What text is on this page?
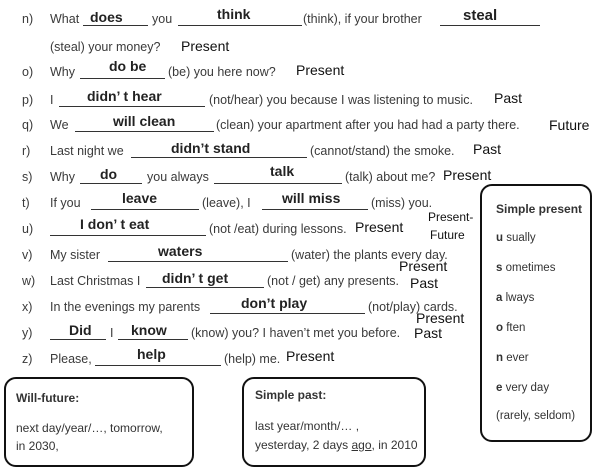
n) What does you	think	(think), if your brother	steal
(steal) your money? Present
o) Why do be (be) you here now? Present
p) I didn’ t hear	(not/hear) you because I was listening to music. Past
q) We	will clean	(clean) your apartment after you had had a party there. Future
r) Last night we	didn’t stand	(cannot/stand) the smoke. Past
s) Why do you always	talk	(talk) about me? Present
t) If you	leave	(leave), I will miss (miss) you.
u)	I don’ t eat	(not /eat) during lessons. Present
Present-
Future
v) My sister	waters	(water) the plants every day.
Present
w) Last Christmas I didn’ t get	(not / get) any presents. Past
x) In the evenings my parents	don’t play	(not/play) cards.
Present
y)	Did I know (know) you? I haven’t met you before. Past
z) Please,	help	(help) me. Present
Simple present
u sually
s ometimes
a lways
o ften
n ever
e very day
(rarely, seldom)
Will-future:
next day/year/…, tomorrow,
in 2030,
Simple past:
last year/month/… ,
yesterday, 2 days ago, in 2010
